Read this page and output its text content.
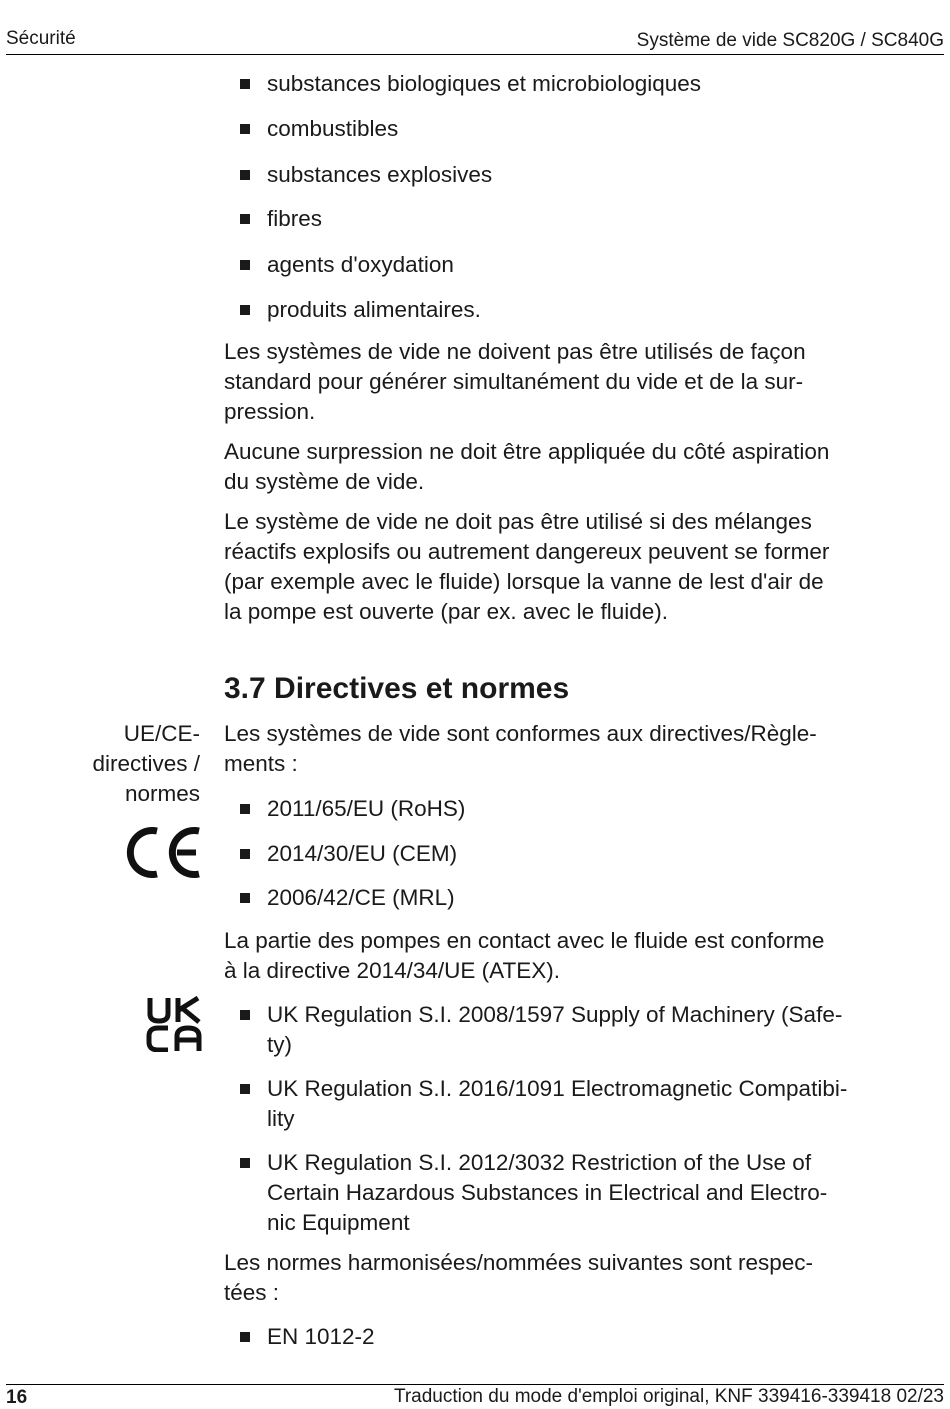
Sécurité	Système de vide SC820G / SC840G
substances biologiques et microbiologiques
combustibles
substances explosives
fibres
agents d'oxydation
produits alimentaires.
Les systèmes de vide ne doivent pas être utilisés de façon
standard pour générer simultanément du vide et de la sur-
pression.
Aucune surpression ne doit être appliquée du côté aspiration
du système de vide.
Le système de vide ne doit pas être utilisé si des mélanges
réactifs explosifs ou autrement dangereux peuvent se former
(par exemple avec le fluide) lorsque la vanne de lest d'air de
la pompe est ouverte (par ex. avec le fluide).
3.7 Directives et normes
UE/CE-
directives /
normes
Les systèmes de vide sont conformes aux directives/Règle-
ments :
2011/65/EU (RoHS)
2014/30/EU (CEM)
2006/42/CE (MRL)
La partie des pompes en contact avec le fluide est conforme
à la directive 2014/34/UE (ATEX).
UK Regulation S.I. 2008/1597 Supply of Machinery (Safe-
ty)
UK Regulation S.I. 2016/1091 Electromagnetic Compatibi-
lity
UK Regulation S.I. 2012/3032 Restriction of the Use of
Certain Hazardous Substances in Electrical and Electro-
nic Equipment
Les normes harmonisées/nommées suivantes sont respec-
tées :
EN 1012-2
16	Traduction du mode d'emploi original, KNF 339416-339418 02/23
